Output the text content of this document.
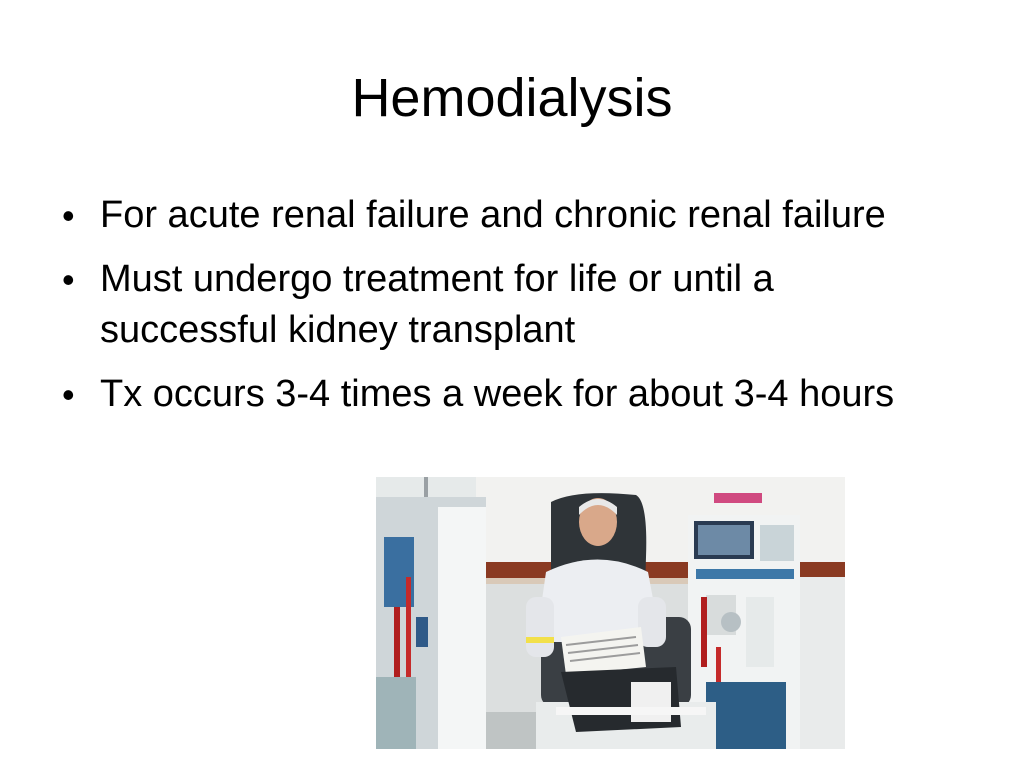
Hemodialysis
• For acute renal failure and chronic renal failure
• Must undergo treatment for life or until a successful kidney transplant
• Tx occurs 3-4 times a week for about 3-4 hours
